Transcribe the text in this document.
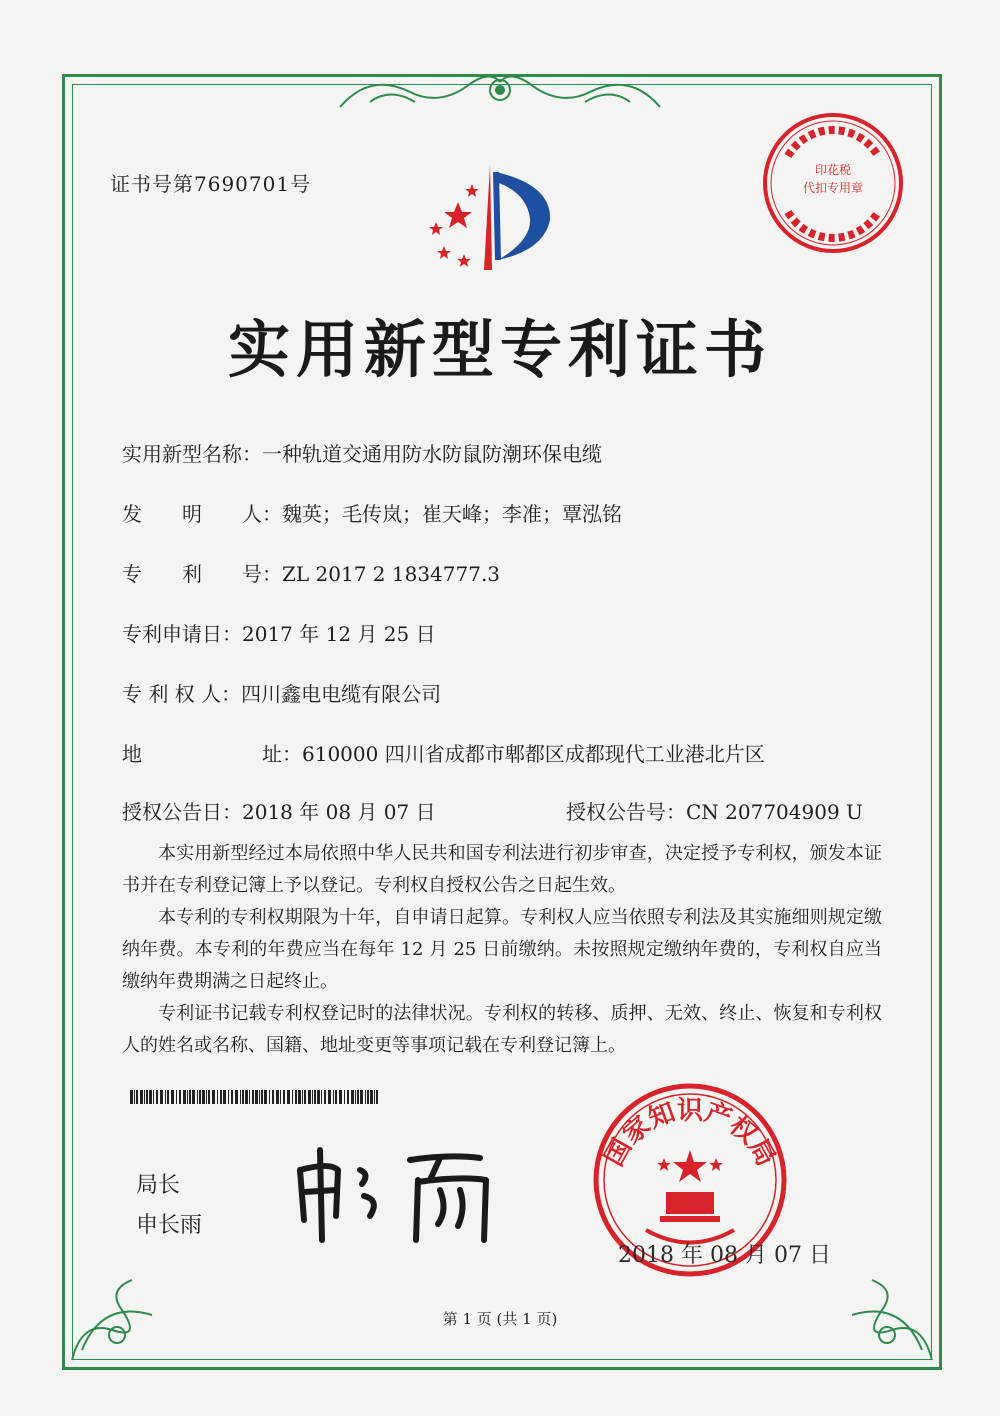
证书号第7690701号
印花税
代扣专用章
实用新型专利证书
实用新型名称：一种轨道交通用防水防鼠防潮环保电缆
发　　明　　人：魏英；毛传岚；崔天峰；李准；覃泓铭
专　　利　　号：ZL 2017 2 1834777.3
专利申请日：2017 年 12 月 25 日
专 利 权 人：四川鑫电电缆有限公司
地　　　　　　址：610000 四川省成都市郫都区成都现代工业港北片区
授权公告日：2018 年 08 月 07 日	授权公告号：CN 207704909 U

本实用新型经过本局依照中华人民共和国专利法进行初步审查，决定授予专利权，颁发本证书并在专利登记簿上予以登记。专利权自授权公告之日起生效。

本专利的专利权期限为十年，自申请日起算。专利权人应当依照专利法及其实施细则规定缴纳年费。本专利的年费应当在每年 12 月 25 日前缴纳。未按照规定缴纳年费的，专利权自应当缴纳年费期满之日起终止。

专利证书记载专利权登记时的法律状况。专利权的转移、质押、无效、终止、恢复和专利权人的姓名或名称、国籍、地址变更等事项记载在专利登记簿上。

局长
申长雨
国家知识产权局
2018 年 08 月 07 日
第 1 页 (共 1 页)
